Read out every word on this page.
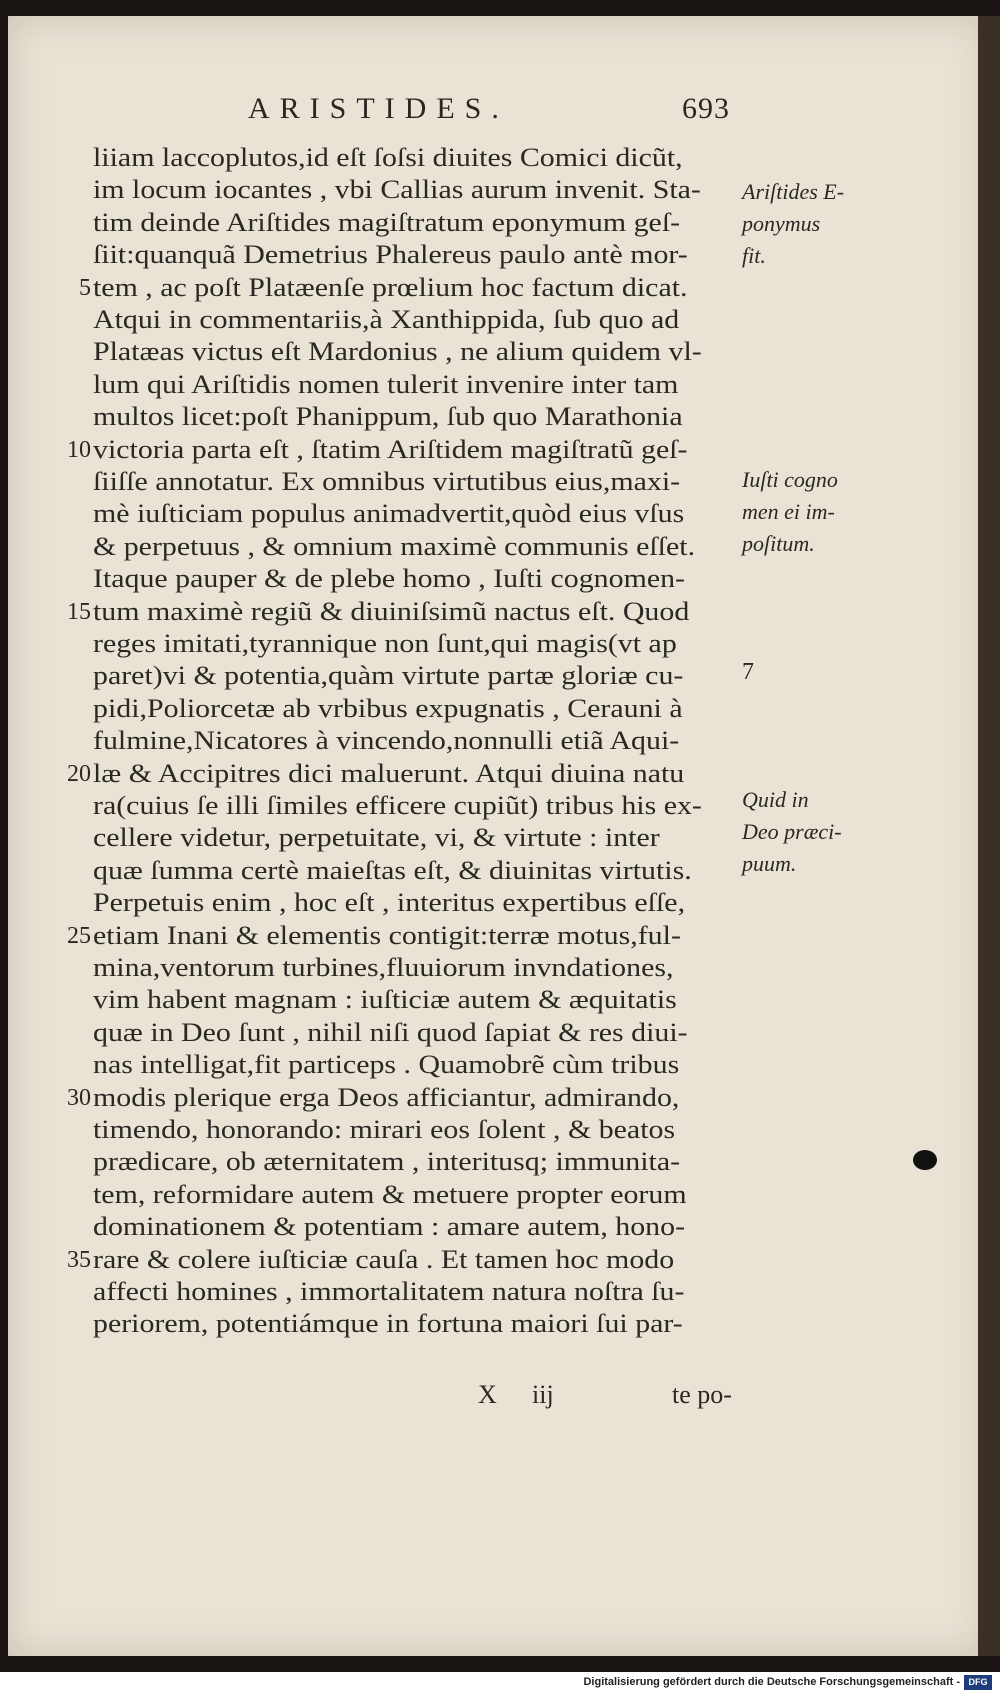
ARISTIDES.	693
liiam laccoplutos,id eſt ſoſsi diuites Comici dicũt,
im locum iocantes , vbi Callias aurum invenit. Sta-
tim deinde Ariſtides magiſtratum eponymum geſ-
ſiit:quanquã Demetrius Phalereus paulo antè mor-
5 tem , ac poſt Platæenſe prœlium hoc factum dicat.
Atqui in commentariis,à Xanthippida, ſub quo ad
Platæas victus eſt Mardonius , ne alium quidem vl-
lum qui Ariſtidis nomen tulerit invenire inter tam
multos licet:poſt Phanippum, ſub quo Marathonia
10 victoria parta eſt , ſtatim Ariſtidem magiſtratũ geſ-
ſiiſſe annotatur. Ex omnibus virtutibus eius,maxi-
mè iuſticiam populus animadvertit,quòd eius vſus
& perpetuus , & omnium maximè communis eſſet.
Itaque pauper & de plebe homo , Iuſti cognomen-
15 tum maximè regiũ & diuiniſsimũ nactus eſt. Quod
reges imitati,tyrannique non ſunt,qui magis(vt ap
paret)vi & potentia,quàm virtute partæ gloriæ cu-
pidi,Poliorcetæ ab vrbibus expugnatis , Ceraunі à
fulmine,Nicatores à vincendo,nonnulli etiã Aqui-
20 læ & Accipitres dici maluerunt. Atqui diuina natu
ra(cuius ſe illi ſimiles efficere cupiũt) tribus his ex-
cellere videtur, perpetuitate, vi, & virtute : inter
quæ ſumma certè maieſtas eſt, & diuinitas virtutis.
Perpetuis enim , hoc eſt , interitus expertibus eſſe,
25 etiam Inani & elementis contigit:terræ motus,ful-
mina,ventorum turbines,fluuiorum invndationes,
vim habent magnam : iuſticiæ autem & æquitatis
quæ in Deo ſunt , nihil niſi quod ſapiat & res diui-
nas intelligat,fit particeps . Quamobrẽ cùm tribus
30 modis plerique erga Deos afficiantur, admirando,
timendo, honorando: mirari eos ſolent , & beatos
prædicare, ob æternitatem , interitusq; immunita-
tem, reformidare autem & metuere propter eorum
dominationem & potentiam : amare autem, hono-
35 rare & colere iuſticiæ cauſa . Et tamen hoc modo
affecti homines , immortalitatem natura noſtra ſu-
periorem, potentiámque in fortuna maiori ſui par-
Ariſtides E-
ponymus
fit.
Iuſti cogno
men ei im-
poſitum.
7
Quid in
Deo præci-
puum.
X iij	te po-
Digitalisierung gefördert durch die Deutsche Forschungsgemeinschaft - DFG
